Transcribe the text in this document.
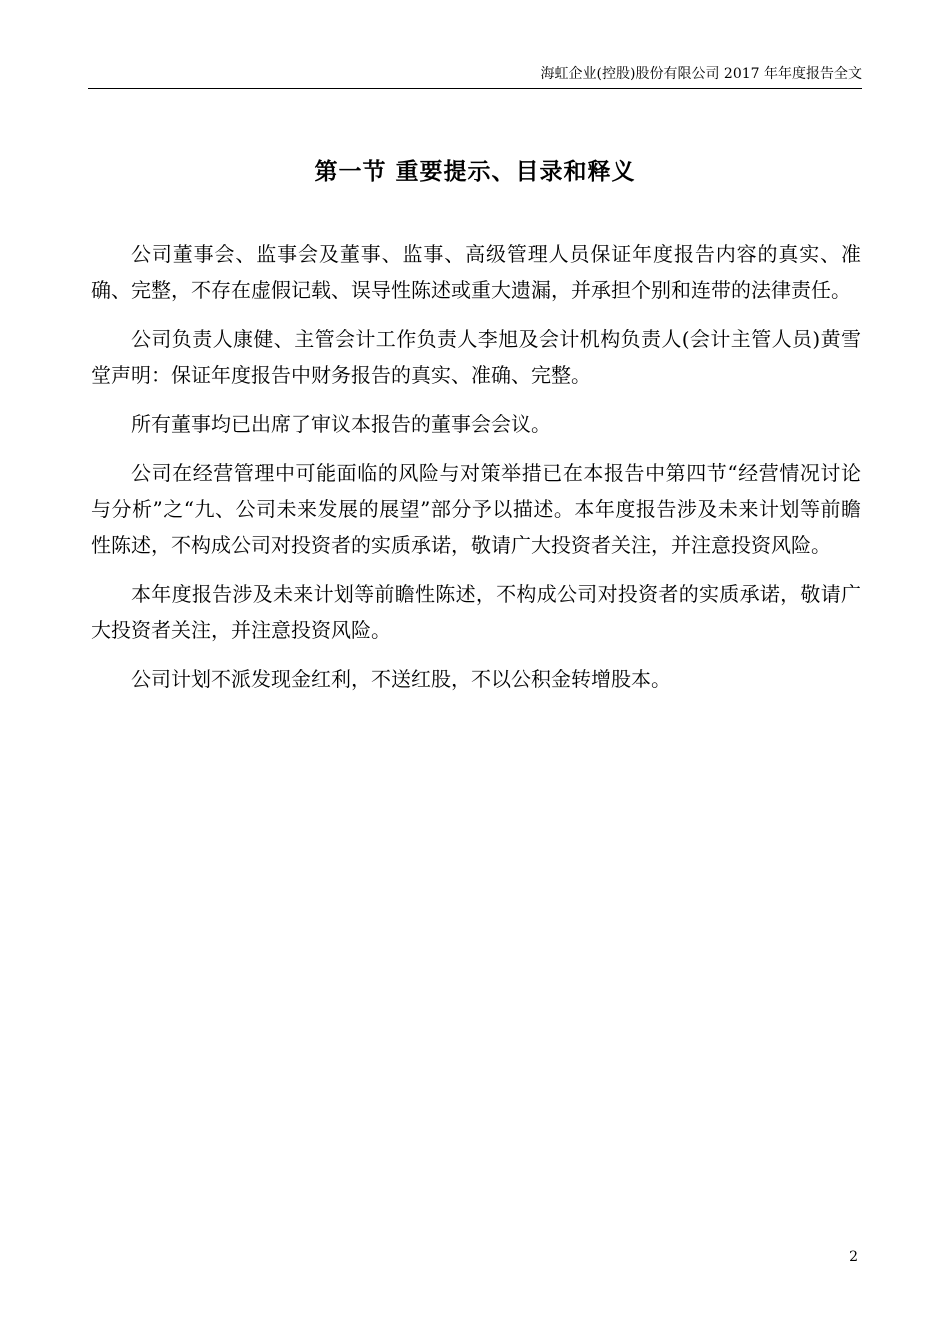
海虹企业(控股)股份有限公司 2017 年年度报告全文
第一节 重要提示、目录和释义

公司董事会、监事会及董事、监事、高级管理人员保证年度报告内容的真实、准确、完整，不存在虚假记载、误导性陈述或重大遗漏，并承担个别和连带的法律责任。

公司负责人康健、主管会计工作负责人李旭及会计机构负责人(会计主管人员)黄雪堂声明：保证年度报告中财务报告的真实、准确、完整。

所有董事均已出席了审议本报告的董事会会议。

公司在经营管理中可能面临的风险与对策举措已在本报告中第四节“经营情况讨论与分析”之“九、公司未来发展的展望”部分予以描述。本年度报告涉及未来计划等前瞻性陈述，不构成公司对投资者的实质承诺，敬请广大投资者关注，并注意投资风险。

本年度报告涉及未来计划等前瞻性陈述，不构成公司对投资者的实质承诺，敬请广大投资者关注，并注意投资风险。

公司计划不派发现金红利，不送红股，不以公积金转增股本。

2
